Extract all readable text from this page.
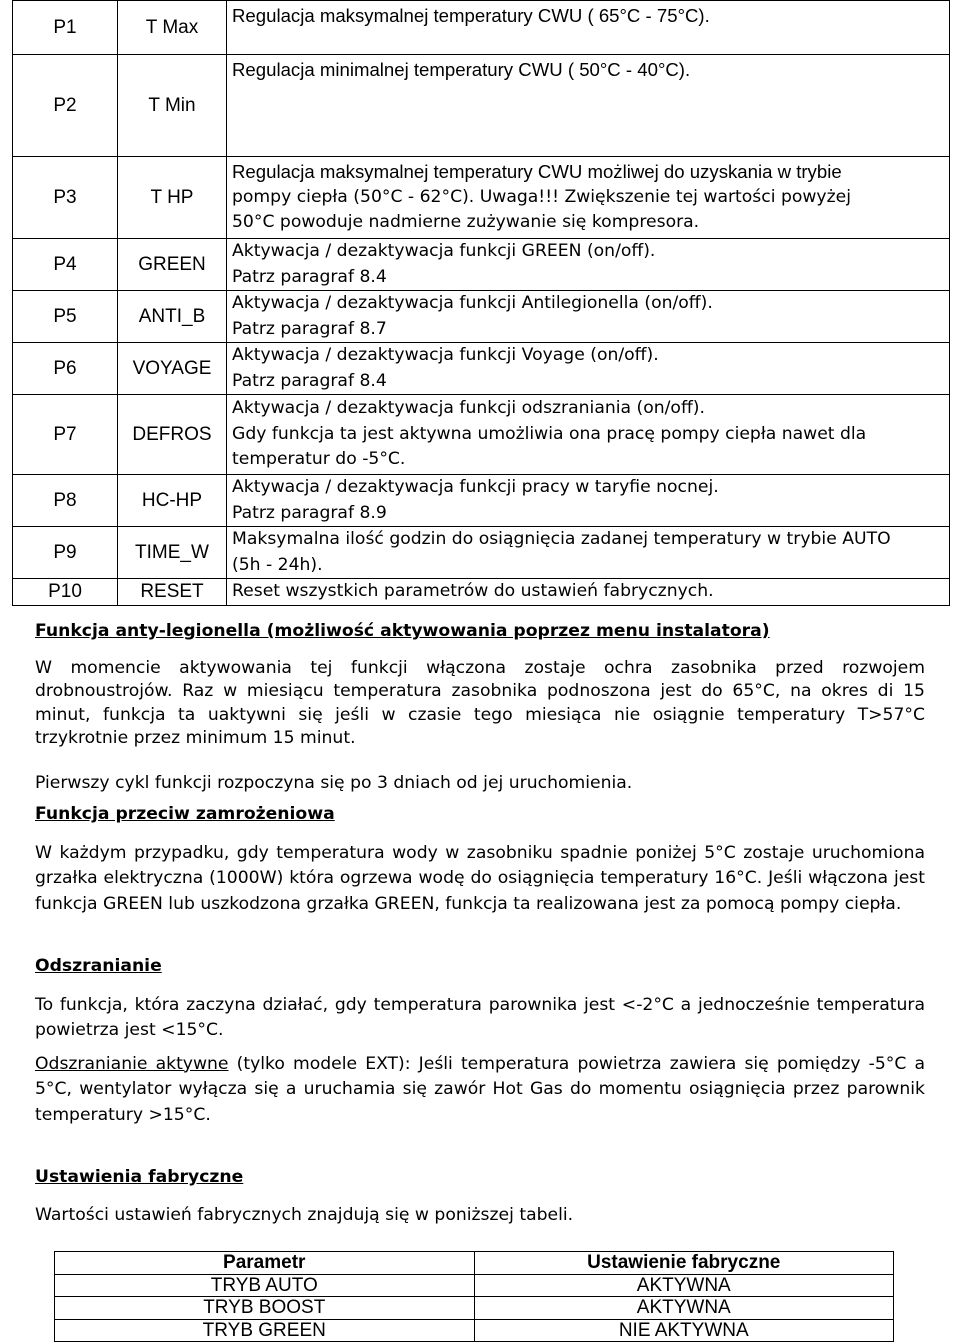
P1	T Max	Regulacja maksymalnej temperatury CWU ( 65°C - 75°C).

P2	T Min	Regulacja minimalnej temperatury CWU ( 50°C - 40°C).

P3	T HP	Regulacja maksymalnej temperatury CWU możliwej do uzyskania w trybie
pompy ciepła (50°C - 62°C). Uwaga!!! Zwiększenie tej wartości powyżej
50°C powoduje nadmierne zużywanie się kompresora.

P4	GREEN	Aktywacja / dezaktywacja funkcji GREEN (on/off).
Patrz paragraf 8.4

P5	ANTI_B	Aktywacja / dezaktywacja funkcji Antilegionella (on/off).
Patrz paragraf 8.7

P6	VOYAGE	Aktywacja / dezaktywacja funkcji Voyage (on/off).
Patrz paragraf 8.4

P7	DEFROS	Aktywacja / dezaktywacja funkcji odszraniania (on/off).
Gdy funkcja ta jest aktywna umożliwia ona pracę pompy ciepła nawet dla
temperatur do -5°C.

P8	HC-HP	Aktywacja / dezaktywacja funkcji pracy w taryfie nocnej.
Patrz paragraf 8.9

P9	TIME_W	Maksymalna ilość godzin do osiągnięcia zadanej temperatury w trybie AUTO
(5h - 24h).

P10	RESET	Reset wszystkich parametrów do ustawień fabrycznych.

Funkcja anty-legionella (możliwość aktywowania poprzez menu instalatora)

W momencie aktywowania tej funkcji włączona zostaje ochra zasobnika przed rozwojem drobnoustrojów. Raz w miesiącu temperatura zasobnika podnoszona jest do 65°C, na okres di 15 minut, funkcja ta uaktywni się jeśli w czasie tego miesiąca nie osiągnie temperatury T>57°C trzykrotnie przez minimum 15 minut.

Pierwszy cykl funkcji rozpoczyna się po 3 dniach od jej uruchomienia.

Funkcja przeciw zamrożeniowa

W każdym przypadku, gdy temperatura wody w zasobniku spadnie poniżej 5°C zostaje uruchomiona grzałka elektryczna (1000W) która ogrzewa wodę do osiągnięcia temperatury 16°C. Jeśli włączona jest funkcja GREEN lub uszkodzona grzałka GREEN, funkcja ta realizowana jest za pomocą pompy ciepła.

Odszranianie

To funkcja, która zaczyna działać, gdy temperatura parownika jest <-2°C a jednocześnie temperatura powietrza jest <15°C.

Odszranianie aktywne (tylko modele EXT): Jeśli temperatura powietrza zawiera się pomiędzy -5°C a 5°C, wentylator wyłącza się a uruchamia się zawór Hot Gas do momentu osiągnięcia przez parownik temperatury >15°C.

Ustawienia fabryczne

Wartości ustawień fabrycznych znajdują się w poniższej tabeli.

Parametr	Ustawienie fabryczne
TRYB AUTO	AKTYWNA
TRYB BOOST	AKTYWNA
TRYB GREEN	NIE AKTYWNA
